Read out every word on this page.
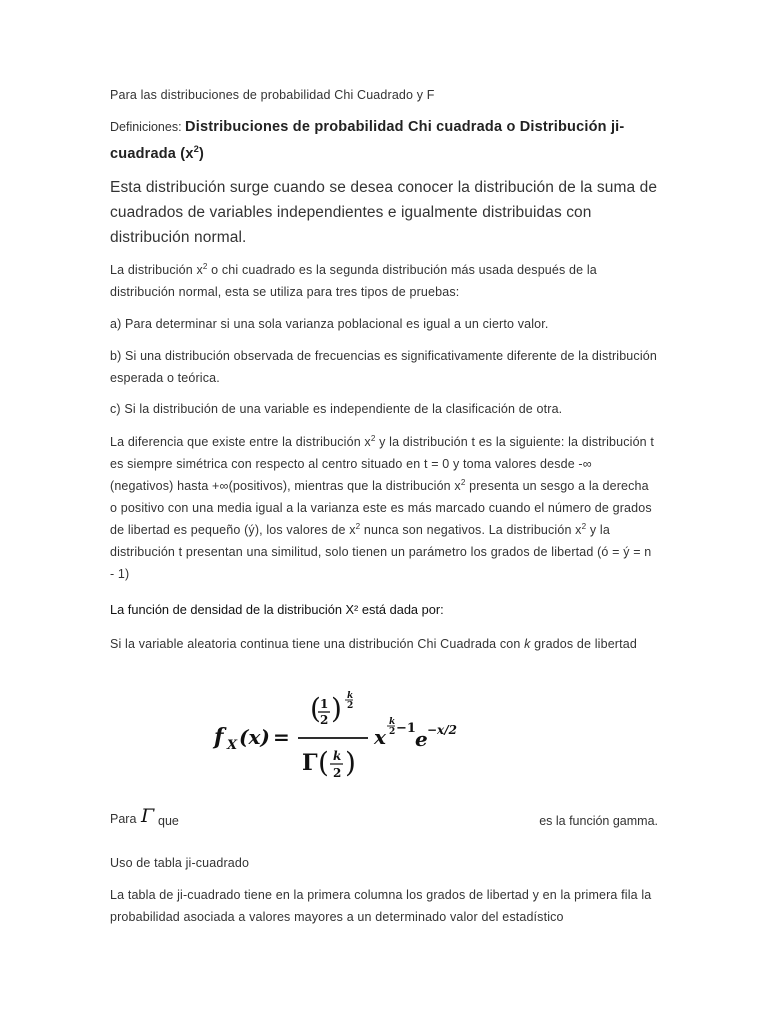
Para las distribuciones de probabilidad Chi Cuadrado y F

Definiciones: Distribuciones de probabilidad Chi cuadrada o Distribución ji-cuadrada $(x^2)$

Esta distribución surge cuando se desea conocer la distribución de la suma de cuadrados de variables independientes e igualmente distribuidas con distribución normal.

La distribución $x^2$ o chi cuadrado es la segunda distribución más usada después de la distribución normal, esta se utiliza para tres tipos de pruebas:

a) Para determinar si una sola varianza poblacional es igual a un cierto valor.

b) Si una distribución observada de frecuencias es significativamente diferente de la distribución esperada o teórica.

c) Si la distribución de una variable es independiente de la clasificación de otra.

La diferencia que existe entre la distribución $x^2$ y la distribución t es la siguiente: la distribución t es siempre simétrica con respecto al centro situado en t = 0 y toma valores desde -∞ (negativos) hasta +∞(positivos), mientras que la distribución $x^2$ presenta un sesgo a la derecha o positivo con una media igual a la varianza este es más marcado cuando el número de grados de libertad es pequeño (ý), los valores de $x^2$ nunca son negativos. La distribución $x^2$ y la distribución t presentan una similitud, solo tienen un parámetro los grados de libertad (ó = ý = n - 1)

La función de densidad de la distribución X² está dada por:

Si la variable aleatoria continua tiene una distribución Chi Cuadrada con k grados de libertad

f X (x) =
( 1
2 ) k
2
Γ ( k
2 )
x
k
2 −1 e −x/2
Para Γ que	es la función gamma.

Uso de tabla ji-cuadrado

La tabla de ji-cuadrado tiene en la primera columna los grados de libertad y en la primera fila la probabilidad asociada a valores mayores a un determinado valor del estadístico
